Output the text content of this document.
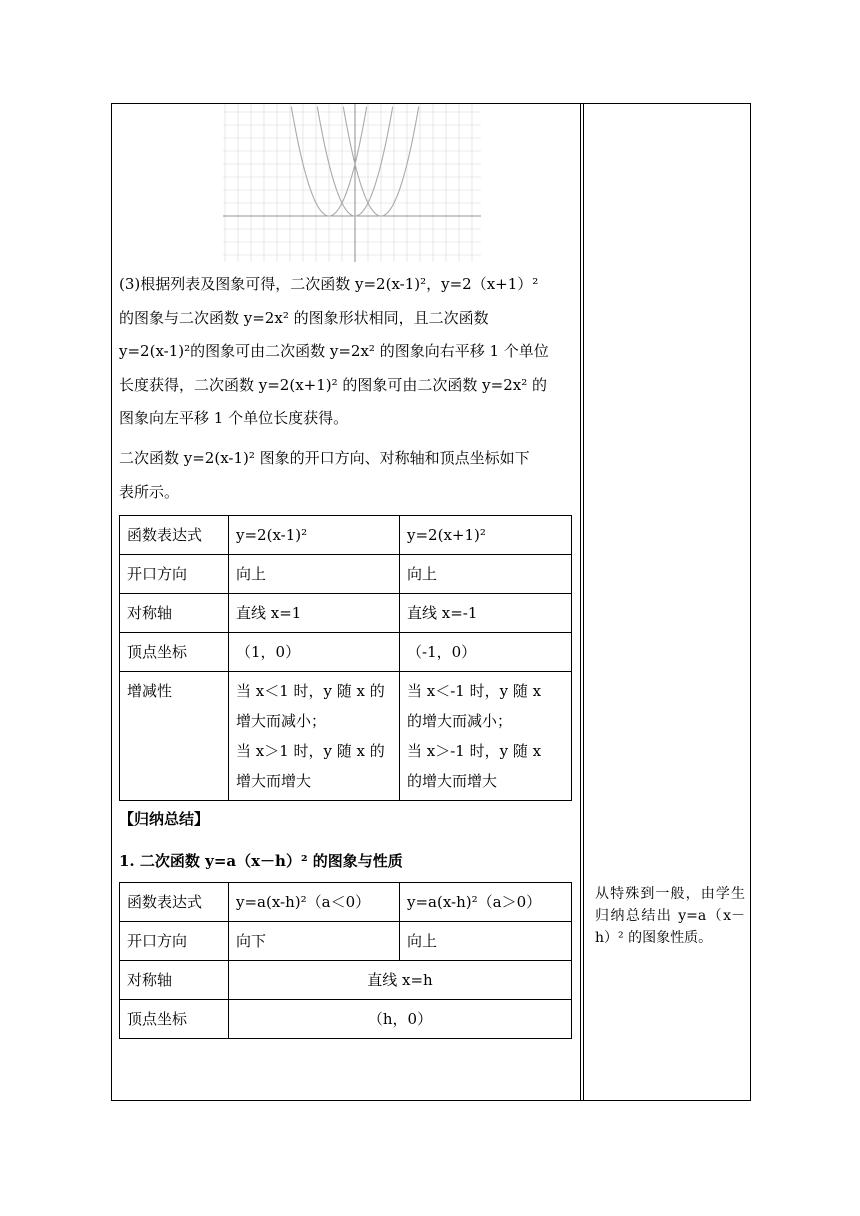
(3)根据列表及图象可得，二次函数 y=2(x-1)²，y=2（x+1）²
的图象与二次函数 y=2x² 的图象形状相同，且二次函数
y=2(x-1)²的图象可由二次函数 y=2x² 的图象向右平移 1 个单位
长度获得，二次函数 y=2(x+1)² 的图象可由二次函数 y=2x² 的
图象向左平移 1 个单位长度获得。

二次函数 y=2(x-1)² 图象的开口方向、对称轴和顶点坐标如下
表所示。

函数表达式	y=2(x-1)²	y=2(x+1)²
开口方向	向上	向上
对称轴	直线 x=1	直线 x=-1
顶点坐标	（1，0）	（-1，0）
增减性	当 x＜1 时，y 随 x 的
增大而减小；
当 x＞1 时，y 随 x 的
增大而增大	当 x＜-1 时，y 随 x
的增大而减小；
当 x＞-1 时，y 随 x
的增大而增大
【归纳总结】
1. 二次函数 y=a（x－h）² 的图象与性质
函数表达式	y=a(x-h)²（a＜0）	y=a(x-h)²（a＞0）
开口方向	向下	向上
对称轴	直线 x=h	
顶点坐标	（h，0）	
从特殊到一般，由学生归纳总结出 y=a（x－h）² 的图象性质。
